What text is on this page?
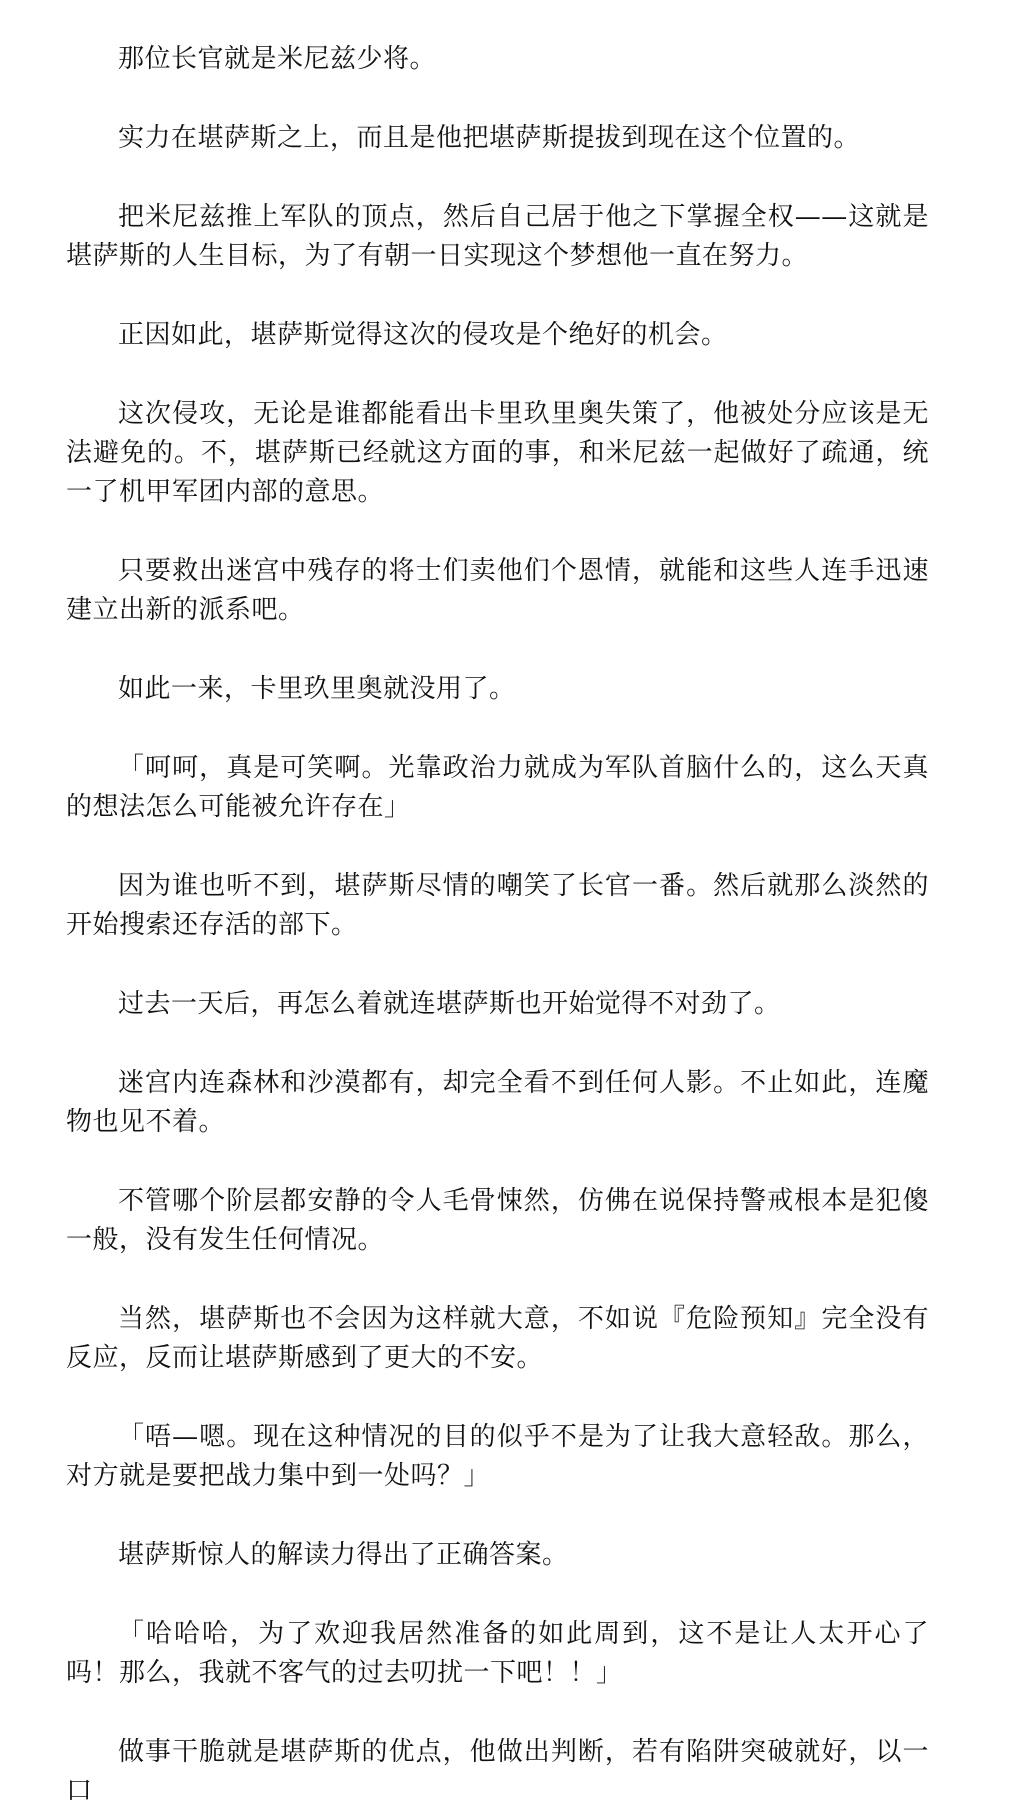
那位长官就是米尼兹少将。

实力在堪萨斯之上，而且是他把堪萨斯提拔到现在这个位置的。

把米尼兹推上军队的顶点，然后自己居于他之下掌握全权——这就是堪萨斯的人生目标，为了有朝一日实现这个梦想他一直在努力。

正因如此，堪萨斯觉得这次的侵攻是个绝好的机会。

这次侵攻，无论是谁都能看出卡里玖里奥失策了，他被处分应该是无法避免的。不，堪萨斯已经就这方面的事，和米尼兹一起做好了疏通，统一了机甲军团内部的意思。

只要救出迷宫中残存的将士们卖他们个恩情，就能和这些人连手迅速建立出新的派系吧。

如此一来，卡里玖里奥就没用了。

「呵呵，真是可笑啊。光靠政治力就成为军队首脑什么的，这么天真的想法怎么可能被允许存在」

因为谁也听不到，堪萨斯尽情的嘲笑了长官一番。然后就那么淡然的开始搜索还存活的部下。

过去一天后，再怎么着就连堪萨斯也开始觉得不对劲了。

迷宫内连森林和沙漠都有，却完全看不到任何人影。不止如此，连魔物也见不着。

不管哪个阶层都安静的令人毛骨悚然，仿佛在说保持警戒根本是犯傻一般，没有发生任何情况。

当然，堪萨斯也不会因为这样就大意，不如说『危险预知』完全没有反应，反而让堪萨斯感到了更大的不安。

「唔—嗯。现在这种情况的目的似乎不是为了让我大意轻敌。那么，对方就是要把战力集中到一处吗？」

堪萨斯惊人的解读力得出了正确答案。

「哈哈哈，为了欢迎我居然准备的如此周到，这不是让人太开心了吗！那么，我就不客气的过去叨扰一下吧！！」

做事干脆就是堪萨斯的优点，他做出判断，若有陷阱突破就好，以一口
